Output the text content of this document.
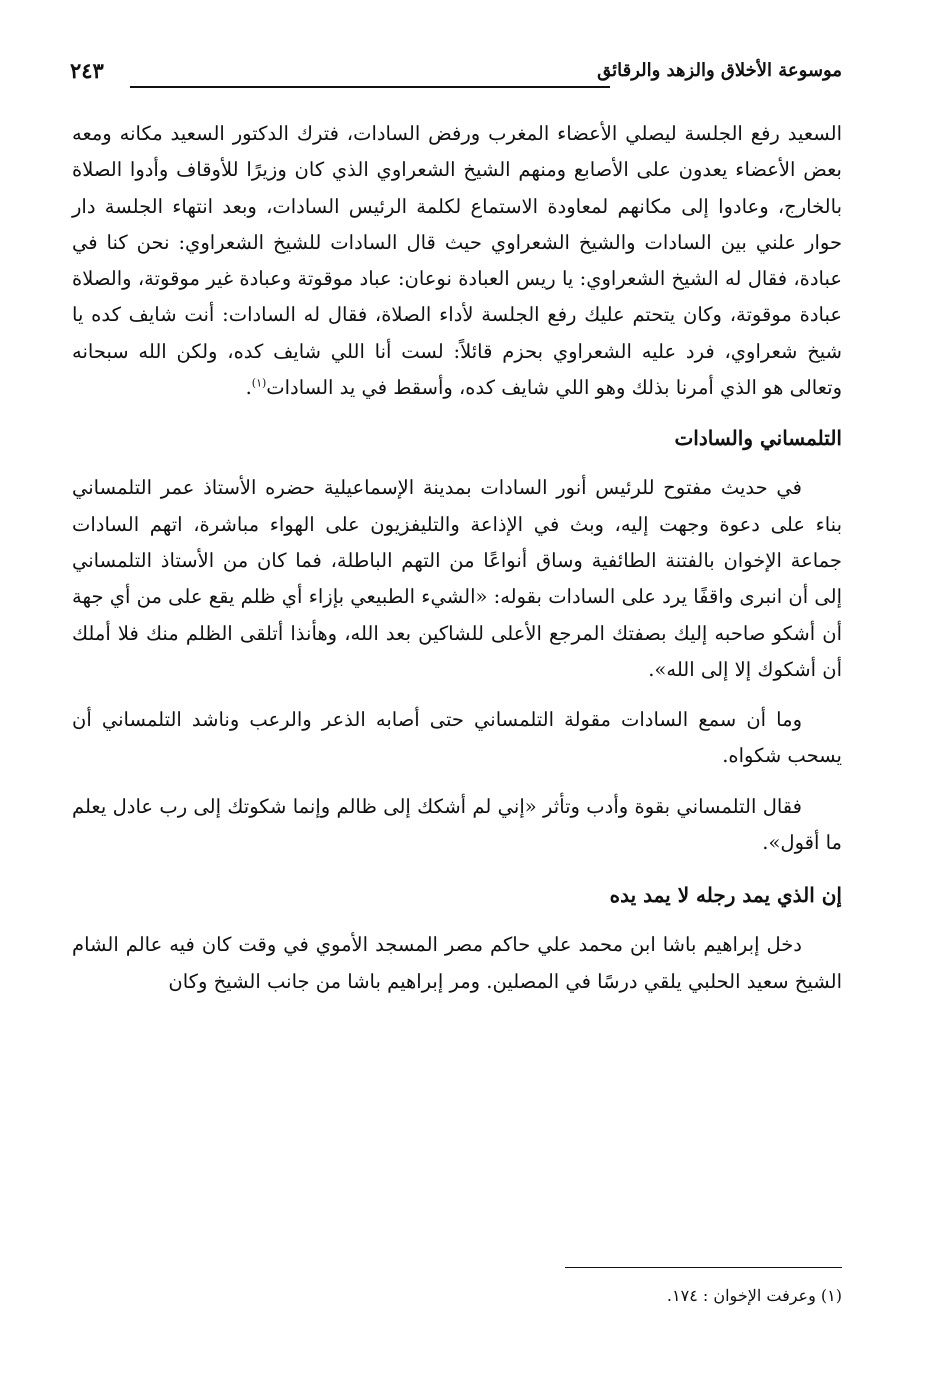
موسوعة الأخلاق والزهد والرقائق
٢٤٣

السعيد رفع الجلسة ليصلي الأعضاء المغرب ورفض السادات، فترك الدكتور السعيد مكانه ومعه بعض الأعضاء يعدون على الأصابع ومنهم الشيخ الشعراوي الذي كان وزيرًا للأوقاف وأدوا الصلاة بالخارج، وعادوا إلى مكانهم لمعاودة الاستماع لكلمة الرئيس السادات، وبعد انتهاء الجلسة دار حوار علني بين السادات والشيخ الشعراوي حيث قال السادات للشيخ الشعراوي: نحن كنا في عبادة، فقال له الشيخ الشعراوي: يا ريس العبادة نوعان: عباد موقوتة وعبادة غير موقوتة، والصلاة عبادة موقوتة، وكان يتحتم عليك رفع الجلسة لأداء الصلاة، فقال له السادات: أنت شايف كده يا شيخ شعراوي، فرد عليه الشعراوي بحزم قائلاً: لست أنا اللي شايف كده، ولكن الله سبحانه وتعالى هو الذي أمرنا بذلك وهو اللي شايف كده، وأسقط في يد السادات$^{(١)}$.

التلمساني والسادات

في حديث مفتوح للرئيس أنور السادات بمدينة الإسماعيلية حضره الأستاذ عمر التلمساني بناء على دعوة وجهت إليه، وبث في الإذاعة والتليفزيون على الهواء مباشرة، اتهم السادات جماعة الإخوان بالفتنة الطائفية وساق أنواعًا من التهم الباطلة، فما كان من الأستاذ التلمساني إلى أن انبرى واقفًا يرد على السادات بقوله: «الشيء الطبيعي بإزاء أي ظلم يقع على من أي جهة أن أشكو صاحبه إليك بصفتك المرجع الأعلى للشاكين بعد الله، وهأنذا أتلقى الظلم منك فلا أملك أن أشكوك إلا إلى الله».

وما أن سمع السادات مقولة التلمساني حتى أصابه الذعر والرعب وناشد التلمساني أن يسحب شكواه.

فقال التلمساني بقوة وأدب وتأثر «إني لم أشكك إلى ظالم وإنما شكوتك إلى رب عادل يعلم ما أقول».

إن الذي يمد رجله لا يمد يده

دخل إبراهيم باشا ابن محمد علي حاكم مصر المسجد الأموي في وقت كان فيه عالم الشام الشيخ سعيد الحلبي يلقي درسًا في المصلين. ومر إبراهيم باشا من جانب الشيخ وكان

(١) وعرفت الإخوان : ١٧٤.
